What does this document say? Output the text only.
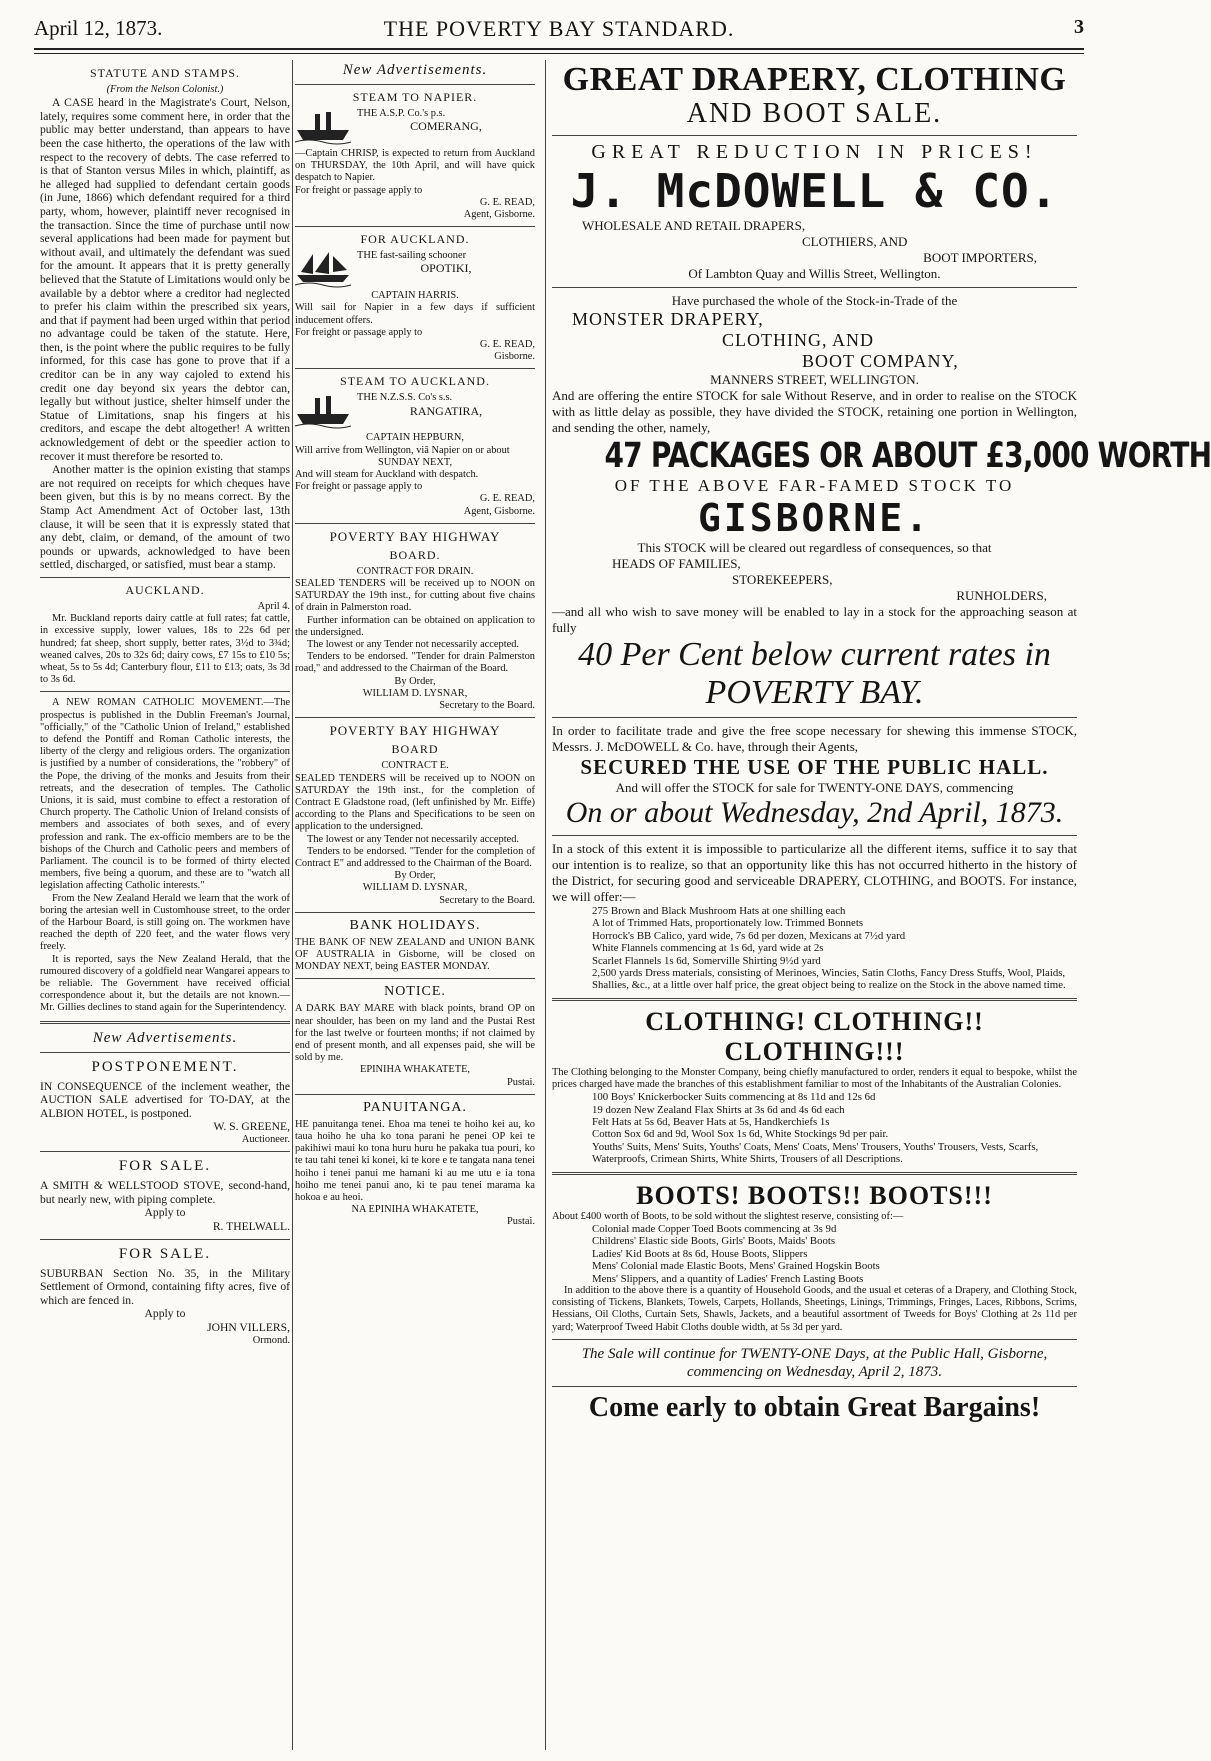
April 12, 1873.	THE POVERTY BAY STANDARD.	3

STATUTE AND STAMPS.

(From the Nelson Colonist.)

A CASE heard in the Magistrate's Court, Nelson, lately, requires some comment here, in order that the public may better understand, than appears to have been the case hitherto, the operations of the law with respect to the recovery of debts. The case referred to is that of Stanton versus Miles in which, plaintiff, as he alleged had supplied to defendant certain goods (in June, 1866) which defendant required for a third party, whom, however, plaintiff never recognised in the transaction. Since the time of purchase until now several applications had been made for payment but without avail, and ultimately the defendant was sued for the amount. It appears that it is pretty generally believed that the Statute of Limitations would only be available by a debtor where a creditor had neglected to prefer his claim within the prescribed six years, and that if payment had been urged within that period no advantage could be taken of the statute. Here, then, is the point where the public requires to be fully informed, for this case has gone to prove that if a creditor can be in any way cajoled to extend his credit one day beyond six years the debtor can, legally but without justice, shelter himself under the Statue of Limitations, snap his fingers at his creditors, and escape the debt altogether! A written acknowledgement of debt or the speedier action to recover it must therefore be resorted to.

Another matter is the opinion existing that stamps are not required on receipts for which cheques have been given, but this is by no means correct. By the Stamp Act Amendment Act of October last, 13th clause, it will be seen that it is expressly stated that any debt, claim, or demand, of the amount of two pounds or upwards, acknowledged to have been settled, discharged, or satisfied, must bear a stamp.

AUCKLAND.

April 4.

Mr. Buckland reports dairy cattle at full rates; fat cattle, in excessive supply, lower values, 18s to 22s 6d per hundred; fat sheep, short supply, better rates, 3½d to 3¾d; weaned calves, 20s to 32s 6d; dairy cows, £7 15s to £10 5s; wheat, 5s to 5s 4d; Canterbury flour, £11 to £13; oats, 3s 3d to 3s 6d.

A NEW ROMAN CATHOLIC MOVEMENT.—The prospectus is published in the Dublin Freeman's Journal, "officially," of the "Catholic Union of Ireland," established to defend the Pontiff and Roman Catholic interests, the liberty of the clergy and religious orders. The organization is justified by a number of considerations, the "robbery" of the Pope, the driving of the monks and Jesuits from their retreats, and the desecration of temples. The Catholic Unions, it is said, must combine to effect a restoration of Church property. The Catholic Union of Ireland consists of members and associates of both sexes, and of every profession and rank. The ex-officio members are to be the bishops of the Church and Catholic peers and members of Parliament. The council is to be formed of thirty elected members, five being a quorum, and these are to "watch all legislation affecting Catholic interests."

From the New Zealand Herald we learn that the work of boring the artesian well in Customhouse street, to the order of the Harbour Board, is still going on. The workmen have reached the depth of 220 feet, and the water flows very freely.

It is reported, says the New Zealand Herald, that the rumoured discovery of a goldfield near Wangarei appears to be reliable. The Government have received official correspondence about it, but the details are not known.—Mr. Gillies declines to stand again for the Superintendency.

New Advertisements.

POSTPONEMENT.

IN CONSEQUENCE of the inclement weather, the AUCTION SALE advertised for TO-DAY, at the ALBION HOTEL, is postponed.

W. S. GREENE,

Auctioneer.

FOR SALE.

A SMITH & WELLSTOOD STOVE, second-hand, but nearly new, with piping complete.

Apply to

R. THELWALL.

FOR SALE.

SUBURBAN Section No. 35, in the Military Settlement of Ormond, containing fifty acres, five of which are fenced in.

Apply to

JOHN VILLERS,

Ormond.

New Advertisements.

STEAM TO NAPIER.

THE A.S.P. Co.'s p.s.

COMERANG,

—Captain CHRISP, is expected to return from Auckland on THURSDAY, the 10th April, and will have quick despatch to Napier.

For freight or passage apply to

G. E. READ,

Agent, Gisborne.

FOR AUCKLAND.

THE fast-sailing schooner

OPOTIKI,

CAPTAIN HARRIS.

Will sail for Napier in a few days if sufficient inducement offers.

For freight or passage apply to

G. E. READ,

Gisborne.

STEAM TO AUCKLAND.

THE N.Z.S.S. Co's s.s.

RANGATIRA,

CAPTAIN HEPBURN,

Will arrive from Wellington, viâ Napier on or about

SUNDAY NEXT,

And will steam for Auckland with despatch.

For freight or passage apply to

G. E. READ,

Agent, Gisborne.

POVERTY BAY HIGHWAY

BOARD.

CONTRACT FOR DRAIN.

SEALED TENDERS will be received up to NOON on SATURDAY the 19th inst., for cutting about five chains of drain in Palmerston road.

Further information can be obtained on application to the undersigned.

The lowest or any Tender not necessarily accepted.

Tenders to be endorsed. "Tender for drain Palmerston road," and addressed to the Chairman of the Board.

By Order,

WILLIAM D. LYSNAR,

Secretary to the Board.

POVERTY BAY HIGHWAY

BOARD

CONTRACT E.

SEALED TENDERS will be received up to NOON on SATURDAY the 19th inst., for the completion of Contract E Gladstone road, (left unfinished by Mr. Eiffe) according to the Plans and Specifications to be seen on application to the undersigned.

The lowest or any Tender not necessarily accepted.

Tenders to be endorsed. "Tender for the completion of Contract E" and addressed to the Chairman of the Board.

By Order,

WILLIAM D. LYSNAR,

Secretary to the Board.

BANK HOLIDAYS.

THE BANK OF NEW ZEALAND and UNION BANK OF AUSTRALIA in Gisborne, will be closed on MONDAY NEXT, being EASTER MONDAY.

NOTICE.

A DARK BAY MARE with black points, brand OP on near shoulder, has been on my land and the Pustai Rest for the last twelve or fourteen months; if not claimed by end of present month, and all expenses paid, she will be sold by me.

EPINIHA WHAKATETE,

Pustai.

PANUITANGA.

HE panuitanga tenei. Ehoa ma tenei te hoiho kei au, ko taua hoiho he uha ko tona parani he penei OP kei te pakihiwi maui ko tona huru huru he pakaka tua pouri, ko te tau tahi tenei ki konei, ki te kore e te tangata nana tenei hoiho i tenei panui me hamani ki au me utu e ia tona hoiho me tenei panui ano, ki te pau tenei marama ka hokoa e au heoi.

NA EPINIHA WHAKATETE,

Pustai.

GREAT DRAPERY, CLOTHING

AND BOOT SALE.

GREAT REDUCTION IN PRICES!

J. McDOWELL & CO.

WHOLESALE AND RETAIL DRAPERS,

CLOTHIERS, AND

BOOT IMPORTERS,

Of Lambton Quay and Willis Street, Wellington.

Have purchased the whole of the Stock-in-Trade of the

MONSTER DRAPERY,

CLOTHING, AND

BOOT COMPANY,

MANNERS STREET, WELLINGTON.

And are offering the entire STOCK for sale Without Reserve, and in order to realise on the STOCK with as little delay as possible, they have divided the STOCK, retaining one portion in Wellington, and sending the other, namely,

47 PACKAGES OR ABOUT £3,000 WORTH

OF THE ABOVE FAR-FAMED STOCK TO

GISBORNE.

This STOCK will be cleared out regardless of consequences, so that

HEADS OF FAMILIES,

STOREKEEPERS,

RUNHOLDERS,

—and all who wish to save money will be enabled to lay in a stock for the approaching season at fully

40 Per Cent below current rates in

POVERTY BAY.

In order to facilitate trade and give the free scope necessary for shewing this immense STOCK, Messrs. J. McDOWELL & Co. have, through their Agents,

SECURED THE USE OF THE PUBLIC HALL.

And will offer the STOCK for sale for TWENTY-ONE DAYS, commencing

On or about Wednesday, 2nd April, 1873.

In a stock of this extent it is impossible to particularize all the different items, suffice it to say that our intention is to realize, so that an opportunity like this has not occurred hitherto in the history of the District, for securing good and serviceable DRAPERY, CLOTHING, and BOOTS. For instance, we will offer:—

275 Brown and Black Mushroom Hats at one shilling each

A lot of Trimmed Hats, proportionately low. Trimmed Bonnets

Horrock's BB Calico, yard wide, 7s 6d per dozen, Mexicans at 7½d yard

White Flannels commencing at 1s 6d, yard wide at 2s

Scarlet Flannels 1s 6d, Somerville Shirting 9½d yard

2,500 yards Dress materials, consisting of Merinoes, Wincies, Satin Cloths, Fancy Dress Stuffs, Wool, Plaids, Shallies, &c., at a little over half price, the great object being to realize on the Stock in the above named time.

CLOTHING! CLOTHING!! CLOTHING!!!

The Clothing belonging to the Monster Company, being chiefly manufactured to order, renders it equal to bespoke, whilst the prices charged have made the branches of this establishment familiar to most of the Inhabitants of the Australian Colonies.

100 Boys' Knickerbocker Suits commencing at 8s 11d and 12s 6d

19 dozen New Zealand Flax Shirts at 3s 6d and 4s 6d each

Felt Hats at 5s 6d, Beaver Hats at 5s, Handkerchiefs 1s

Cotton Sox 6d and 9d, Wool Sox 1s 6d, White Stockings 9d per pair.

Youths' Suits, Mens' Suits, Youths' Coats, Mens' Coats, Mens' Trousers, Youths' Trousers, Vests, Scarfs, Waterproofs, Crimean Shirts, White Shirts, Trousers of all Descriptions.

BOOTS! BOOTS!! BOOTS!!!

About £400 worth of Boots, to be sold without the slightest reserve, consisting of:—

Colonial made Copper Toed Boots commencing at 3s 9d

Childrens' Elastic side Boots, Girls' Boots, Maids' Boots

Ladies' Kid Boots at 8s 6d, House Boots, Slippers

Mens' Colonial made Elastic Boots, Mens' Grained Hogskin Boots

Mens' Slippers, and a quantity of Ladies' French Lasting Boots

In addition to the above there is a quantity of Household Goods, and the usual et ceteras of a Drapery, and Clothing Stock, consisting of Tickens, Blankets, Towels, Carpets, Hollands, Sheetings, Linings, Trimmings, Fringes, Laces, Ribbons, Scrims, Hessians, Oil Cloths, Curtain Sets, Shawls, Jackets, and a beautiful assortment of Tweeds for Boys' Clothing at 2s 11d per yard; Waterproof Tweed Habit Cloths double width, at 5s 3d per yard.

The Sale will continue for TWENTY-ONE Days, at the Public Hall, Gisborne, commencing on Wednesday, April 2, 1873.

Come early to obtain Great Bargains!
